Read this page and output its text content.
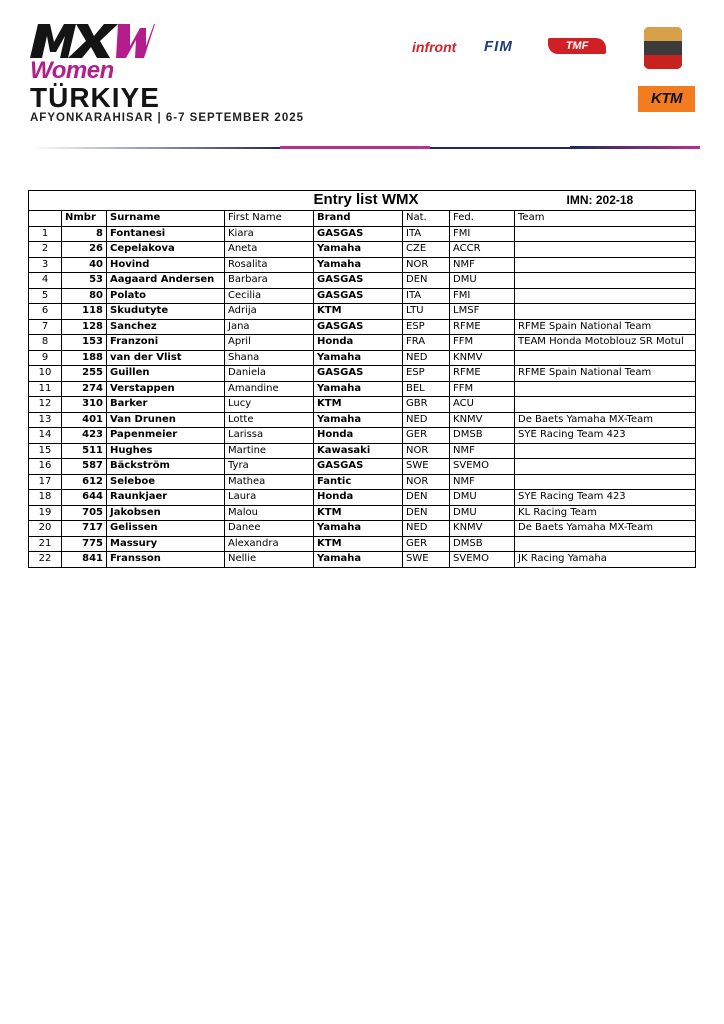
Women
TÜRKIYE
AFYONKARAHISAR | 6-7 SEPTEMBER 2025
infront FIM	TMF
KTM
				Entry list WMX			IMN: 202-18
	Nmbr	Surname	First Name	Brand	Nat.	Fed.	Team
1	8	Fontanesi	Kiara	GASGAS	ITA	FMI	
2	26	Cepelakova	Aneta	Yamaha	CZE	ACCR	
3	40	Hovind	Rosalita	Yamaha	NOR	NMF	
4	53	Aagaard Andersen	Barbara	GASGAS	DEN	DMU	
5	80	Polato	Cecilia	GASGAS	ITA	FMI	
6	118	Skudutyte	Adrija	KTM	LTU	LMSF	
7	128	Sanchez	Jana	GASGAS	ESP	RFME	RFME Spain National Team
8	153	Franzoni	April	Honda	FRA	FFM	TEAM Honda Motoblouz SR Motul
9	188	van der Vlist	Shana	Yamaha	NED	KNMV	
10	255	Guillen	Daniela	GASGAS	ESP	RFME	RFME Spain National Team
11	274	Verstappen	Amandine	Yamaha	BEL	FFM	
12	310	Barker	Lucy	KTM	GBR	ACU	
13	401	Van Drunen	Lotte	Yamaha	NED	KNMV	De Baets Yamaha MX-Team
14	423	Papenmeier	Larissa	Honda	GER	DMSB	SYE Racing Team 423
15	511	Hughes	Martine	Kawasaki	NOR	NMF	
16	587	Bäckström	Tyra	GASGAS	SWE	SVEMO	
17	612	Seleboe	Mathea	Fantic	NOR	NMF	
18	644	Raunkjaer	Laura	Honda	DEN	DMU	SYE Racing Team 423
19	705	Jakobsen	Malou	KTM	DEN	DMU	KL Racing Team
20	717	Gelissen	Danee	Yamaha	NED	KNMV	De Baets Yamaha MX-Team
21	775	Massury	Alexandra	KTM	GER	DMSB	
22	841	Fransson	Nellie	Yamaha	SWE	SVEMO	JK Racing Yamaha
